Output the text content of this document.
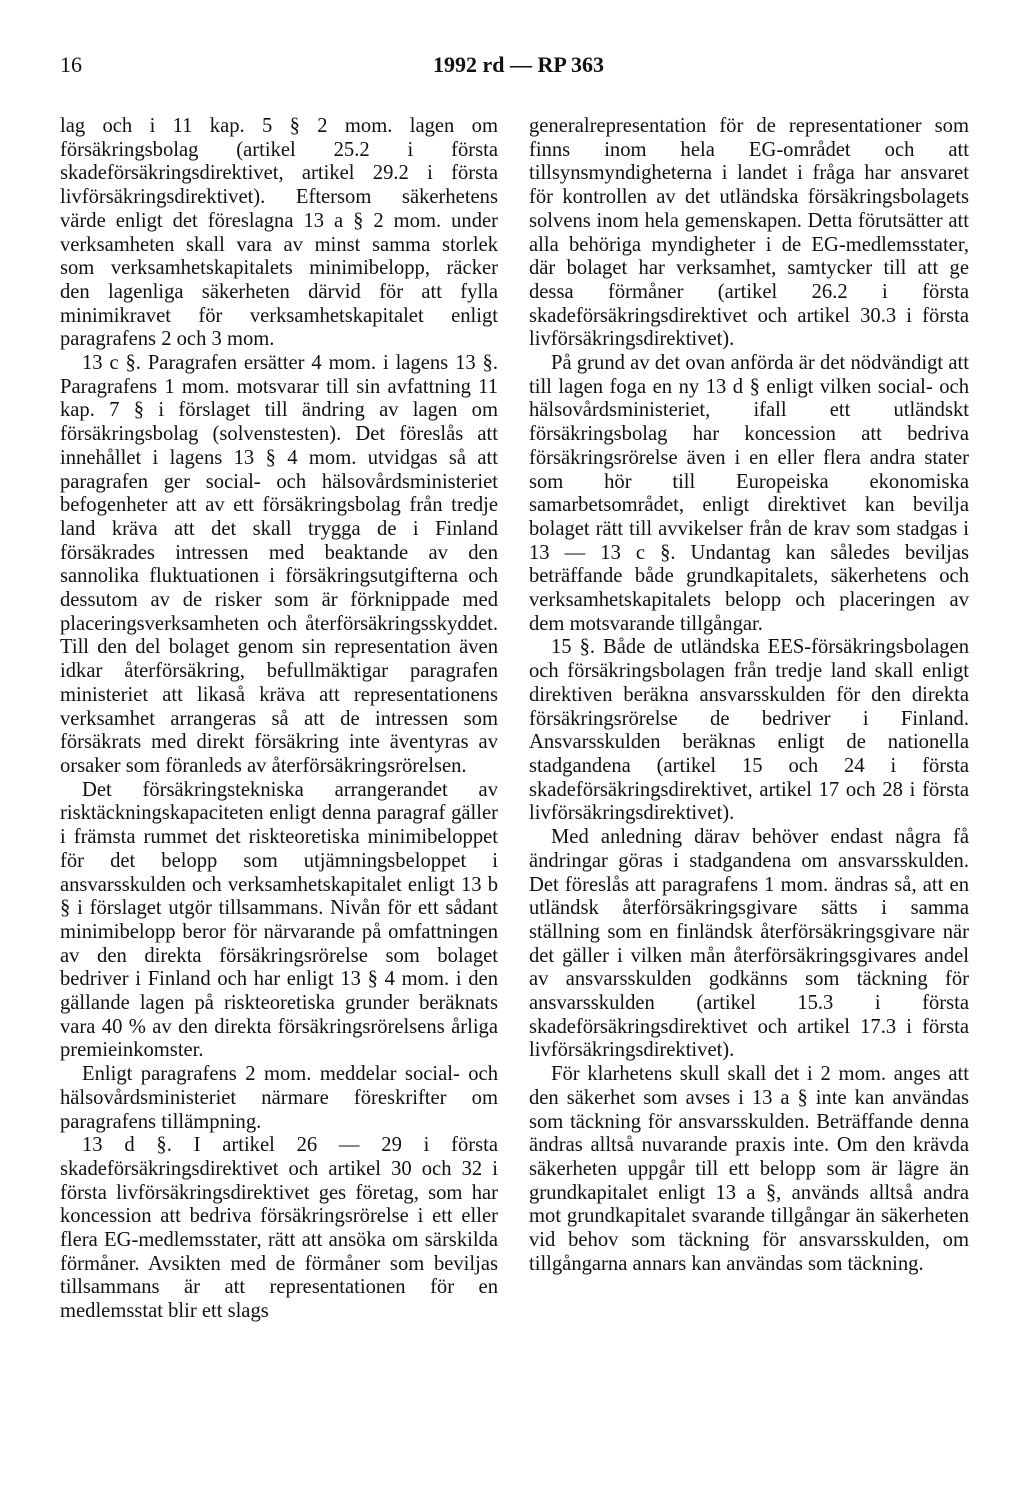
16	1992 rd — RP 363

lag och i 11 kap. 5 § 2 mom. lagen om försäkringsbolag (artikel 25.2 i första skadeförsäkringsdirektivet, artikel 29.2 i första livförsäkringsdirektivet). Eftersom säkerhetens värde enligt det föreslagna 13 a § 2 mom. under verksamheten skall vara av minst samma storlek som verksamhetskapitalets minimibelopp, räcker den lagenliga säkerheten därvid för att fylla minimikravet för verksamhetskapitalet enligt paragrafens 2 och 3 mom.

13 c §. Paragrafen ersätter 4 mom. i lagens 13 §. Paragrafens 1 mom. motsvarar till sin avfattning 11 kap. 7 § i förslaget till ändring av lagen om försäkringsbolag (solvenstesten). Det föreslås att innehållet i lagens 13 § 4 mom. utvidgas så att paragrafen ger social- och hälsovårdsministeriet befogenheter att av ett försäkringsbolag från tredje land kräva att det skall trygga de i Finland försäkrades intressen med beaktande av den sannolika fluktuationen i försäkringsutgifterna och dessutom av de risker som är förknippade med placeringsverksamheten och återförsäkringsskyddet. Till den del bolaget genom sin representation även idkar återförsäkring, befullmäktigar paragrafen ministeriet att likaså kräva att representationens verksamhet arrangeras så att de intressen som försäkrats med direkt försäkring inte äventyras av orsaker som föranleds av återförsäkringsrörelsen.

Det försäkringstekniska arrangerandet av risktäckningskapaciteten enligt denna paragraf gäller i främsta rummet det riskteoretiska minimibeloppet för det belopp som utjämningsbeloppet i ansvarsskulden och verksamhetskapitalet enligt 13 b § i förslaget utgör tillsammans. Nivån för ett sådant minimibelopp beror för närvarande på omfattningen av den direkta försäkringsrörelse som bolaget bedriver i Finland och har enligt 13 § 4 mom. i den gällande lagen på riskteoretiska grunder beräknats vara 40 % av den direkta försäkringsrörelsens årliga premieinkomster.

Enligt paragrafens 2 mom. meddelar social- och hälsovårdsministeriet närmare föreskrifter om paragrafens tillämpning.

13 d §. I artikel 26 — 29 i första skadeförsäkringsdirektivet och artikel 30 och 32 i första livförsäkringsdirektivet ges företag, som har koncession att bedriva försäkringsrörelse i ett eller flera EG-medlemsstater, rätt att ansöka om särskilda förmåner. Avsikten med de förmåner som beviljas tillsammans är att representationen för en medlemsstat blir ett slags

generalrepresentation för de representationer som finns inom hela EG-området och att tillsynsmyndigheterna i landet i fråga har ansvaret för kontrollen av det utländska försäkringsbolagets solvens inom hela gemenskapen. Detta förutsätter att alla behöriga myndigheter i de EG-medlemsstater, där bolaget har verksamhet, samtycker till att ge dessa förmåner (artikel 26.2 i första skadeförsäkringsdirektivet och artikel 30.3 i första livförsäkringsdirektivet).

På grund av det ovan anförda är det nödvändigt att till lagen foga en ny 13 d § enligt vilken social- och hälsovårdsministeriet, ifall ett utländskt försäkringsbolag har koncession att bedriva försäkringsrörelse även i en eller flera andra stater som hör till Europeiska ekonomiska samarbetsområdet, enligt direktivet kan bevilja bolaget rätt till avvikelser från de krav som stadgas i 13 — 13 c §. Undantag kan således beviljas beträffande både grundkapitalets, säkerhetens och verksamhetskapitalets belopp och placeringen av dem motsvarande tillgångar.

15 §. Både de utländska EES-försäkringsbolagen och försäkringsbolagen från tredje land skall enligt direktiven beräkna ansvarsskulden för den direkta försäkringsrörelse de bedriver i Finland. Ansvarsskulden beräknas enligt de nationella stadgandena (artikel 15 och 24 i första skadeförsäkringsdirektivet, artikel 17 och 28 i första livförsäkringsdirektivet).

Med anledning därav behöver endast några få ändringar göras i stadgandena om ansvarsskulden. Det föreslås att paragrafens 1 mom. ändras så, att en utländsk återförsäkringsgivare sätts i samma ställning som en finländsk återförsäkringsgivare när det gäller i vilken mån återförsäkringsgivares andel av ansvarsskulden godkänns som täckning för ansvarsskulden (artikel 15.3 i första skadeförsäkringsdirektivet och artikel 17.3 i första livförsäkringsdirektivet).

För klarhetens skull skall det i 2 mom. anges att den säkerhet som avses i 13 a § inte kan användas som täckning för ansvarsskulden. Beträffande denna ändras alltså nuvarande praxis inte. Om den krävda säkerheten uppgår till ett belopp som är lägre än grundkapitalet enligt 13 a §, används alltså andra mot grundkapitalet svarande tillgångar än säkerheten vid behov som täckning för ansvarsskulden, om tillgångarna annars kan användas som täckning.
